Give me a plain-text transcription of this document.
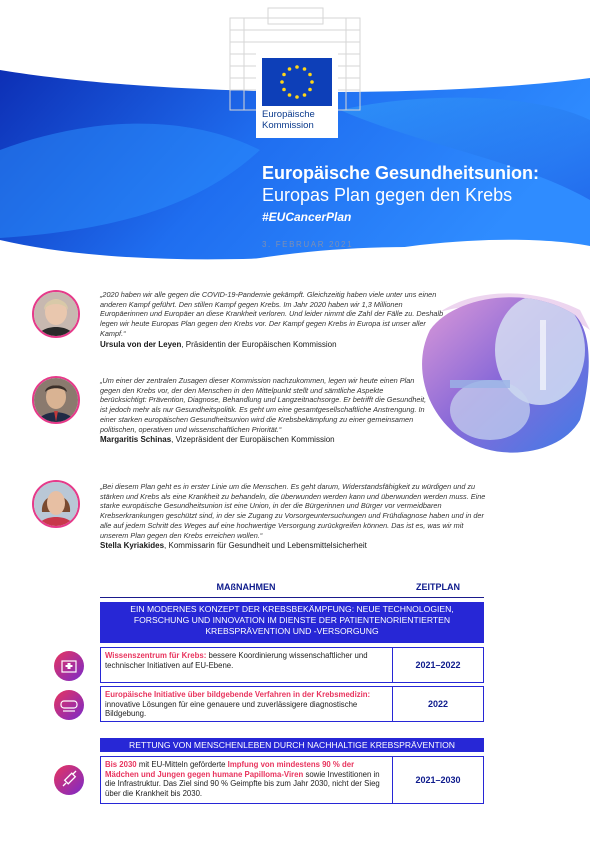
Europäische
Kommission
Europäische Gesundheitsunion:
Europas Plan gegen den Krebs
#EUCancerPlan
3. FEBRUAR 2021
„2020 haben wir alle gegen die COVID-19-Pandemie gekämpft. Gleichzeitig haben viele unter uns einen anderen Kampf geführt. Den stillen Kampf gegen Krebs. Im Jahr 2020 haben wir 1,3 Millionen Europäerinnen und Europäer an diese Krankheit verloren. Und leider nimmt die Zahl der Fälle zu. Deshalb legen wir heute Europas Plan gegen den Krebs vor. Der Kampf gegen Krebs in Europa ist unser aller Kampf.“
Ursula von der Leyen, Präsidentin der Europäischen Kommission
„Um einer der zentralen Zusagen dieser Kommission nachzukommen, legen wir heute einen Plan gegen den Krebs vor, der den Menschen in den Mittelpunkt stellt und sämtliche Aspekte berücksichtigt: Prävention, Diagnose, Behandlung und Langzeitnachsorge. Er betrifft die Gesundheit, ist jedoch mehr als nur Gesundheitspolitik. Es geht um eine gesamtgesellschaftliche Anstrengung. In einer starken europäischen Gesundheitsunion wird die Krebsbekämpfung zu einer gemeinsamen politischen, operativen und wissenschaftlichen Priorität.“
Margaritis Schinas, Vizepräsident der Europäischen Kommission
„Bei diesem Plan geht es in erster Linie um die Menschen. Es geht darum, Widerstandsfähigkeit zu würdigen und zu stärken und Krebs als eine Krankheit zu behandeln, die überwunden werden kann und überwunden werden muss. Eine starke europäische Gesundheitsunion ist eine Union, in der die Bürgerinnen und Bürger vor vermeidbaren Krebserkrankungen geschützt sind, in der sie Zugang zu Vorsorgeuntersuchungen und Frühdiagnose haben und in der alle auf jedem Schritt des Weges auf eine hochwertige Versorgung zurückgreifen können. Das ist es, was wir mit unserem Plan gegen den Krebs erreichen wollen.“
Stella Kyriakides, Kommissarin für Gesundheit und Lebensmittelsicherheit
MAßNAHMEN	ZEITPLAN
EIN MODERNES KONZEPT DER KREBSBEKÄMPFUNG: NEUE TECHNOLOGIEN, FORSCHUNG UND INNOVATION IM DIENSTE DER PATIENTENORIENTIERTEN KREBSPRÄVENTION UND -VERSORGUNG
Wissenszentrum für Krebs: bessere Koordinierung wissenschaftlicher und technischer Initiativen auf EU-Ebene.	2021–2022
Europäische Initiative über bildgebende Verfahren in der Krebsmedizin: innovative Lösungen für eine genauere und zuverlässigere diagnostische Bildgebung.
2022
RETTUNG VON MENSCHENLEBEN DURCH NACHHALTIGE KREBSPRÄVENTION
Bis 2030 mit EU-Mitteln geförderte Impfung von mindestens 90 % der Mädchen und Jungen gegen humane Papilloma-Viren sowie Investitionen in die Infrastruktur. Das Ziel sind 90 % Geimpfte bis zum Jahr 2030, nicht der Sieg über die Krankheit bis 2030.
2021–2030
